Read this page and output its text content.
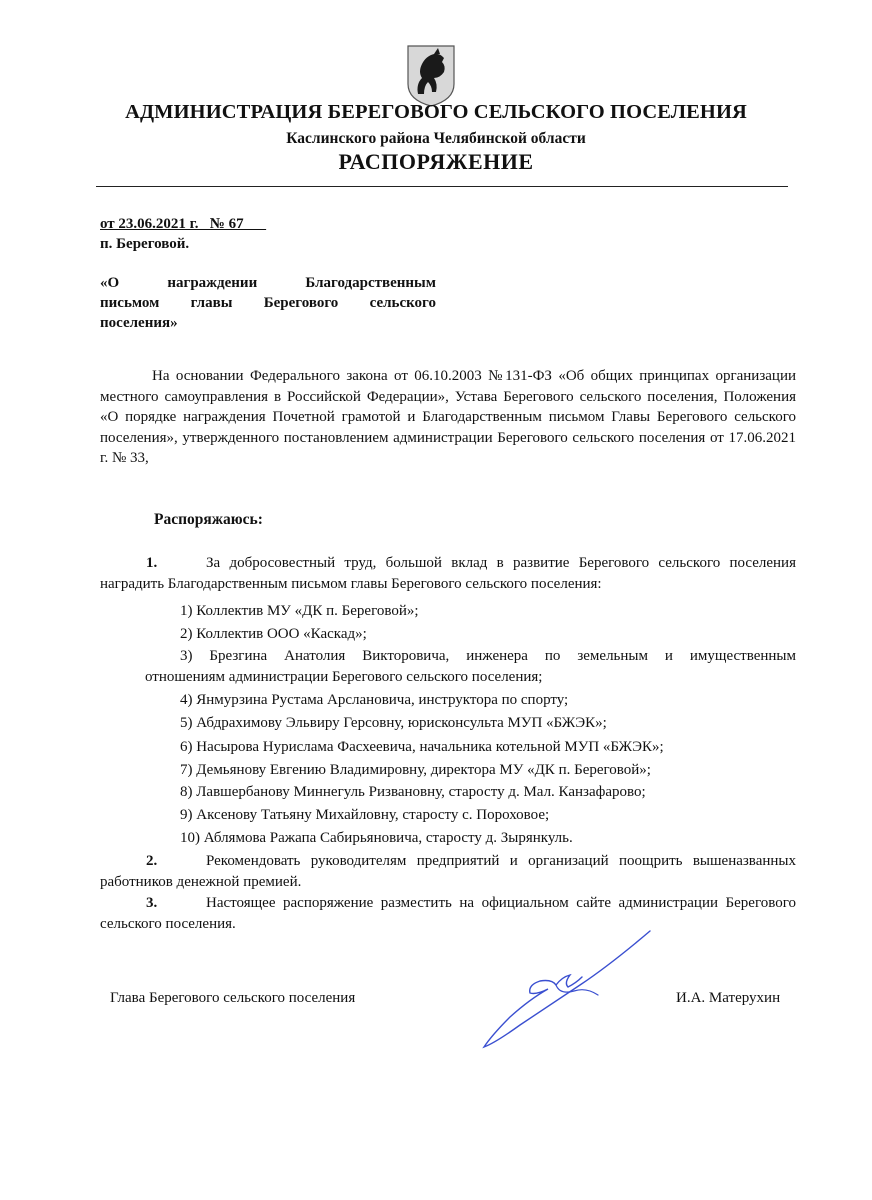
АДМИНИСТРАЦИЯ БЕРЕГОВОГО СЕЛЬСКОГО ПОСЕЛЕНИЯ
Каслинского района Челябинской области
РАСПОРЯЖЕНИЕ
от 23.06.2021 г.   № 67
п. Береговой.
«О награждении Благодарственным
письмом главы Берегового сельского
поселения»
На основании Федерального закона от 06.10.2003 №131-ФЗ «Об общих принципах организации местного самоуправления в Российской Федерации», Устава Берегового сельского поселения, Положения «О порядке награждения Почетной грамотой и Благодарственным письмом Главы Берегового сельского поселения», утвержденного постановлением администрации Берегового сельского поселения от 17.06.2021 г. № 33,
Распоряжаюсь:
1.	За добросовестный труд, большой вклад в развитие Берегового сельского поселения наградить Благодарственным письмом главы Берегового сельского поселения:
1) Коллектив МУ «ДК п. Береговой»;
2) Коллектив ООО «Каскад»;
3) Брезгина Анатолия Викторовича, инженера по земельным и имущественным
отношениям администрации Берегового сельского поселения;
4) Янмурзина Рустама Арслановича, инструктора по спорту;
5) Абдрахимову Эльвиру Герсовну, юрисконсульта МУП «БЖЭК»;
6) Насырова Нурислама Фасхеевича, начальника котельной МУП «БЖЭК»;
7) Демьянову Евгению Владимировну, директора МУ «ДК п. Береговой»;
8) Лавшербанову Миннегуль Ризвановну, старосту д. Мал. Канзафарово;
9) Аксенову Татьяну Михайловну, старосту с. Пороховое;
10) Аблямова Ражапа Сабирьяновича, старосту д. Зырянкуль.
2.	Рекомендовать руководителям предприятий и организаций поощрить вышеназванных работников денежной премией.
3.	Настоящее распоряжение разместить на официальном сайте администрации Берегового сельского поселения.
Глава Берегового сельского поселения	И.А. Матерухин
